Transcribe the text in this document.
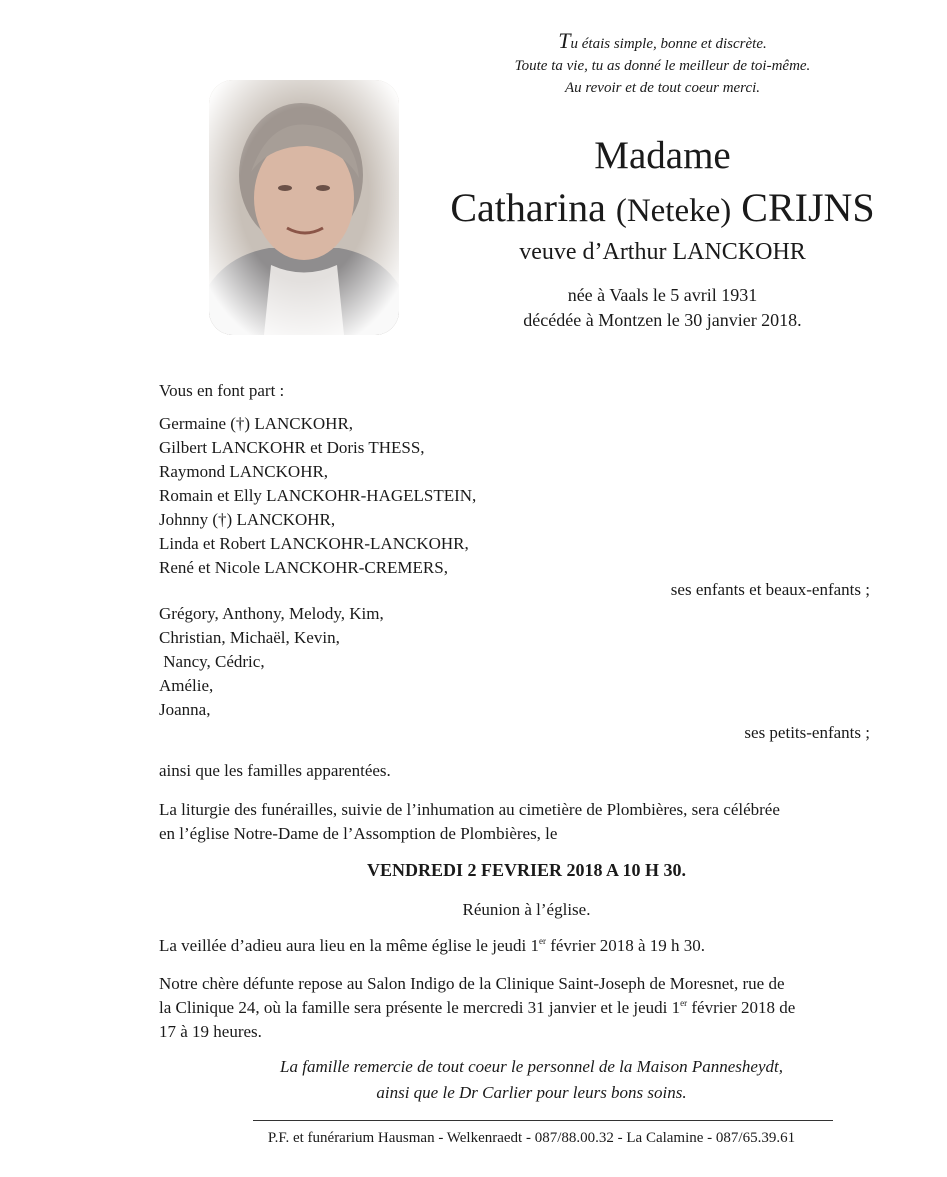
Tu étais simple, bonne et discrète.
Toute ta vie, tu as donné le meilleur de toi-même.
Au revoir et de tout coeur merci.
Madame
Catharina (Neteke) CRIJNS
veuve d’Arthur LANCKOHR
née à Vaals le 5 avril 1931
décédée à Montzen le 30 janvier 2018.
Vous en font part :
Germaine (†) LANCKOHR,
Gilbert LANCKOHR et Doris THESS,
Raymond LANCKOHR,
Romain et Elly LANCKOHR-HAGELSTEIN,
Johnny (†) LANCKOHR,
Linda et Robert LANCKOHR-LANCKOHR,
René et Nicole LANCKOHR-CREMERS,
ses enfants et beaux-enfants ;
Grégory, Anthony, Melody, Kim,
Christian, Michaël, Kevin,
Nancy, Cédric,
Amélie,
Joanna,
ses petits-enfants ;
ainsi que les familles apparentées.
La liturgie des funérailles, suivie de l’inhumation au cimetière de Plombières, sera célébrée
en l’église Notre-Dame de l’Assomption de Plombières, le
VENDREDI 2 FEVRIER 2018 A 10 H 30.
Réunion à l’église.
La veillée d’adieu aura lieu en la même église le jeudi 1er février 2018 à 19 h 30.
Notre chère défunte repose au Salon Indigo de la Clinique Saint-Joseph de Moresnet, rue de
la Clinique 24, où la famille sera présente le mercredi 31 janvier et le jeudi 1er février 2018 de
17 à 19 heures.
La famille remercie de tout coeur le personnel de la Maison Pannesheydt,
ainsi que le Dr Carlier pour leurs bons soins.
P.F. et funérarium Hausman - Welkenraedt - 087/88.00.32 - La Calamine - 087/65.39.61
